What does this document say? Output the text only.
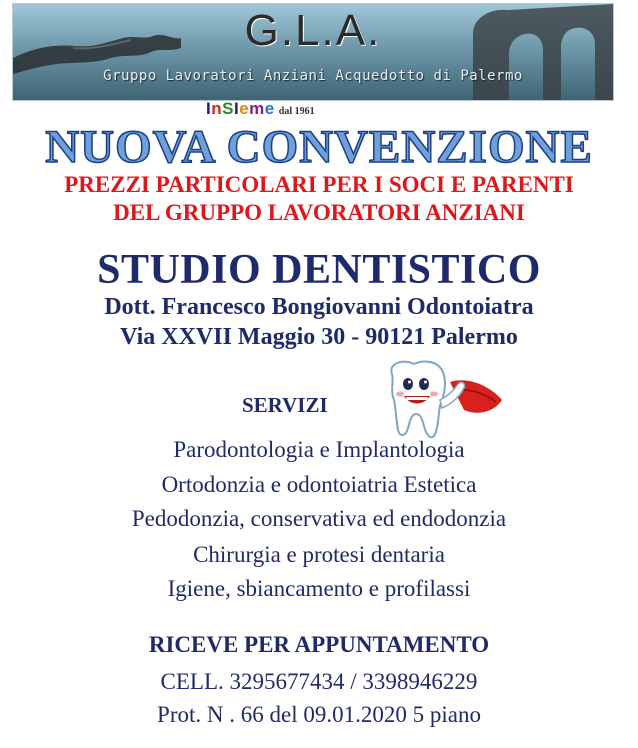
G.L.A.
Gruppo Lavoratori Anziani Acquedotto di Palermo
InSIeme dal 1961
NUOVA CONVENZIONE
PREZZI PARTICOLARI PER I SOCI E PARENTI
DEL GRUPPO LAVORATORI ANZIANI
STUDIO DENTISTICO
Dott. Francesco Bongiovanni Odontoiatra
Via XXVII Maggio 30 - 90121 Palermo
SERVIZI
Parodontologia e Implantologia
Ortodonzia e odontoiatria Estetica
Pedodonzia, conservativa ed endodonzia
Chirurgia e protesi dentaria
Igiene, sbiancamento e profilassi
RICEVE PER APPUNTAMENTO
CELL. 3295677434 / 3398946229
Prot. N . 66 del 09.01.2020 5 piano
